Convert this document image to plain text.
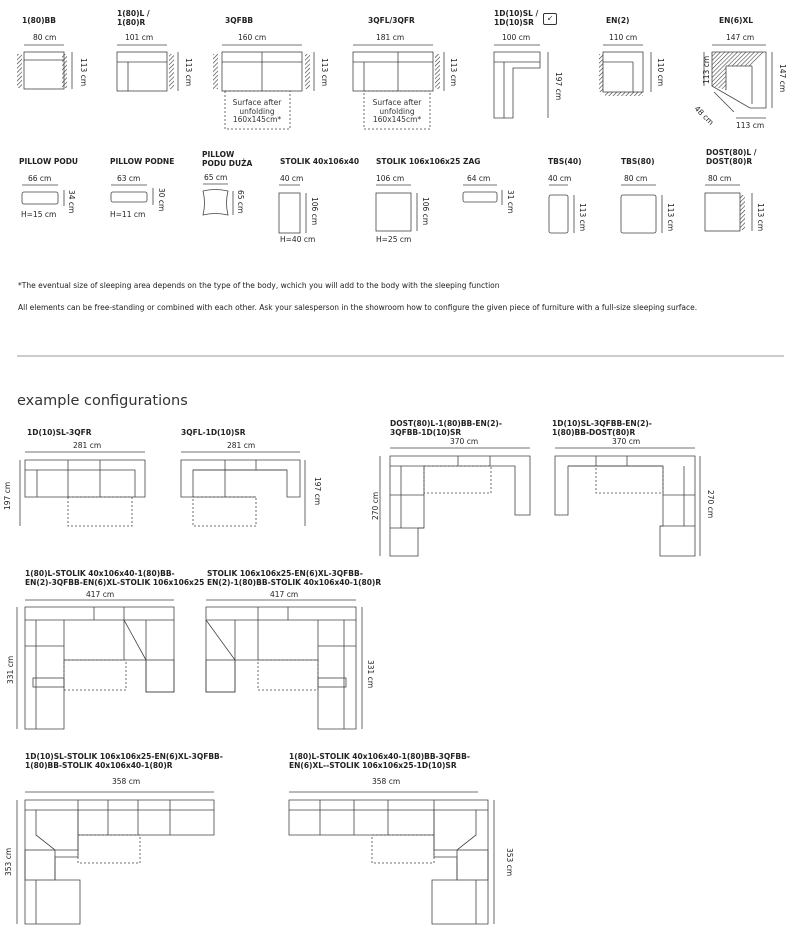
1(80)BB
80 cm
113 cm
1(80)L /
1(80)R
101 cm
113 cm
3QFBB
160 cm
113 cm
Surface after
unfolding
160x145cm*
3QFL/3QFR
181 cm
113 cm
Surface after
unfolding
160x145cm*
1D(10)SL /
1D(10)SR	↙
100 cm
197 cm
EN(2)
110 cm
110 cm
EN(6)XL
147 cm
113 cm	147 cm
48 cm	113 cm
PILLOW PODU
66 cm
34 cm
H=15 cm
PILLOW PODNE
63 cm
30 cm
H=11 cm
PILLOW
PODU DUŻA
65 cm
65 cm
STOLIK 40x106x40
40 cm
106 cm
H=40 cm
STOLIK 106x106x25
106 cm
106 cm
H=25 cm
ZAG
64 cm
31 cm
TBS(40)
40 cm
113 cm
TBS(80)
80 cm
113 cm
DOST(80)L /
DOST(80)R
80 cm
113 cm
*The eventual size of sleeping area depends on the type of the body, wchich you will add to the body with the sleeping function
All elements can be free-standing or combined with each other. Ask your salesperson in the showroom how to configure the given piece of furniture with a full-size sleeping surface.
example configurations
1D(10)SL-3QFR
281 cm
197 cm
3QFL-1D(10)SR
281 cm
197 cm
DOST(80)L-1(80)BB-EN(2)-
3QFBB-1D(10)SR
370 cm
270 cm
1D(10)SL-3QFBB-EN(2)-
1(80)BB-DOST(80)R
370 cm
270 cm
1(80)L-STOLIK 40x106x40-1(80)BB-
EN(2)-3QFBB-EN(6)XL-STOLIK 106x106x25
417 cm
331 cm
STOLIK 106x106x25-EN(6)XL-3QFBB-
EN(2)-1(80)BB-STOLIK 40x106x40-1(80)R
417 cm
331 cm
1D(10)SL-STOLIK 106x106x25-EN(6)XL-3QFBB-
1(80)BB-STOLIK 40x106x40-1(80)R
358 cm
353 cm
1(80)L-STOLIK 40x106x40-1(80)BB-3QFBB-
EN(6)XL--STOLIK 106x106x25-1D(10)SR
358 cm
353 cm
